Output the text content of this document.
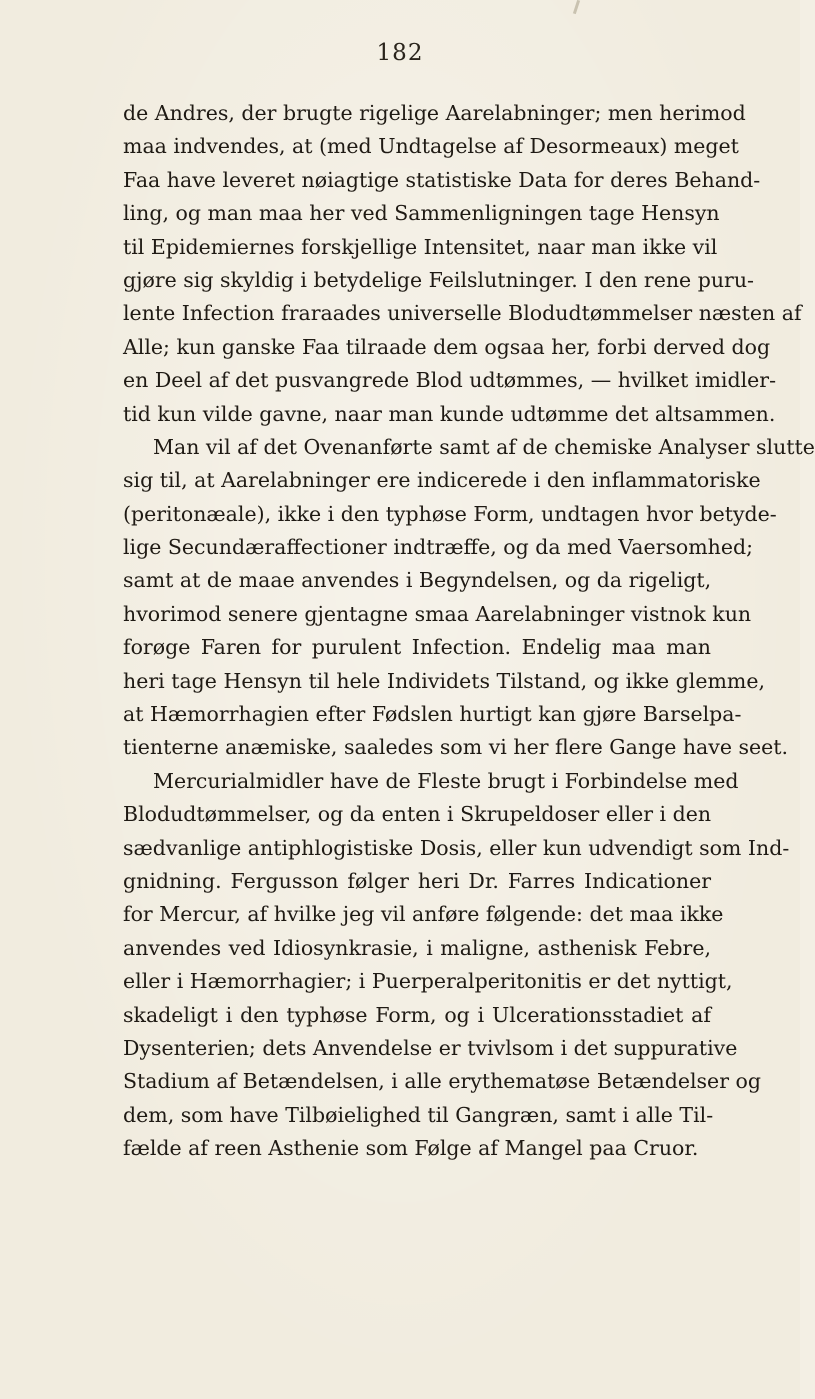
182
de Andres, der brugte rigelige Aarelabninger; men herimod
maa indvendes, at (med Undtagelse af Desormeaux) meget
Faa have leveret nøiagtige statistiske Data for deres Behand-
ling, og man maa her ved Sammenligningen tage Hensyn
til Epidemiernes forskjellige Intensitet, naar man ikke vil
gjøre sig skyldig i betydelige Feilslutninger. I den rene puru-
lente Infection fraraades universelle Blodudtømmelser næsten af
Alle; kun ganske Faa tilraade dem ogsaa her, forbi derved dog
en Deel af det pusvangrede Blod udtømmes, — hvilket imidler-
tid kun vilde gavne, naar man kunde udtømme det altsammen.
Man vil af det Ovenanførte samt af de chemiske Analyser slutte
sig til, at Aarelabninger ere indicerede i den inflammatoriske
(peritonæale), ikke i den typhøse Form, undtagen hvor betyde-
lige Secundæraffectioner indtræffe, og da med Vaersomhed;
samt at de maae anvendes i Begyndelsen, og da rigeligt,
hvorimod senere gjentagne smaa Aarelabninger vistnok kun
forøge Faren for purulent Infection. Endelig maa man
heri tage Hensyn til hele Individets Tilstand, og ikke glemme,
at Hæmorrhagien efter Fødslen hurtigt kan gjøre Barselpa-
tienterne anæmiske, saaledes som vi her flere Gange have seet.
Mercurialmidler have de Fleste brugt i Forbindelse med
Blodudtømmelser, og da enten i Skrupeldoser eller i den
sædvanlige antiphlogistiske Dosis, eller kun udvendigt som Ind-
gnidning. Fergusson følger heri Dr. Farres Indicationer
for Mercur, af hvilke jeg vil anføre følgende: det maa ikke
anvendes ved Idiosynkrasie, i maligne, asthenisk Febre,
eller i Hæmorrhagier; i Puerperalperitonitis er det nyttigt,
skadeligt i den typhøse Form, og i Ulcerationsstadiet af
Dysenterien; dets Anvendelse er tvivlsom i det suppurative
Stadium af Betændelsen, i alle erythematøse Betændelser og
dem, som have Tilbøielighed til Gangræn, samt i alle Til-
fælde af reen Asthenie som Følge af Mangel paa Cruor.
